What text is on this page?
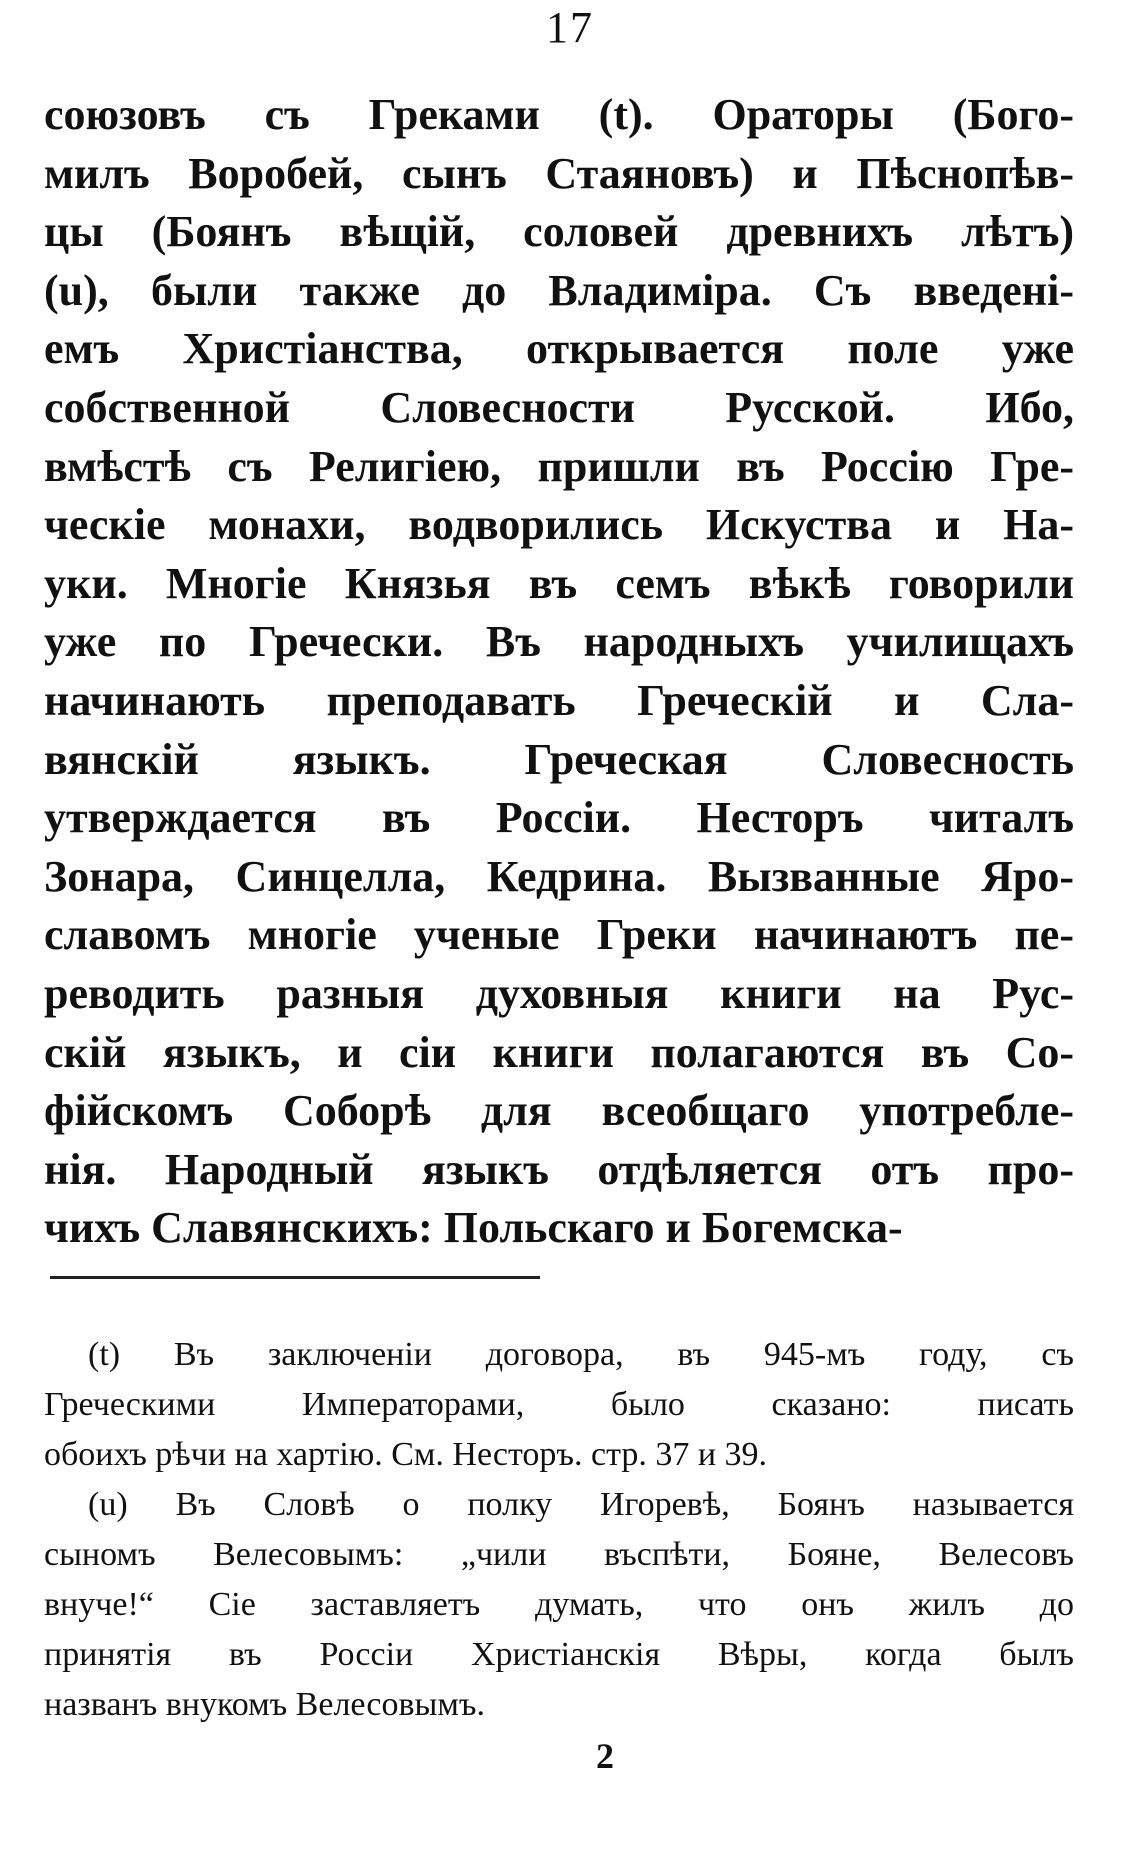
17
союзовъ съ Греками (t). Ораторы (Бого-
милъ Воробей, сынъ Стаяновъ) и Пѣснопѣв-
цы (Боянъ вѣщій, соловей древнихъ лѣтъ)
(u), были также до Владиміра. Съ введені-
емъ Христіанства, открывается поле уже
собственной Словесности Русской. Ибо,
вмѣстѣ съ Религіею, пришли въ Россію Гре-
ческіе монахи, водворились Искуства и На-
уки. Многіе Князья въ семъ вѣкѣ говорили
уже по Гречески. Въ народныхъ училищахъ
начинають преподавать Греческій и Сла-
вянскій языкъ. Греческая Словесность
утверждается въ Россіи. Несторъ читалъ
Зонара, Синцелла, Кедрина. Вызванные Яро-
славомъ многіе ученые Греки начинаютъ пе-
реводить разныя духовныя книги на Рус-
скій языкъ, и сіи книги полагаются въ Со-
фійскомъ Соборѣ для всеобщаго употребле-
нія. Народный языкъ отдѣляется отъ про-
чихъ Славянскихъ: Польскаго и Богемска-
(t) Въ заключеніи договора, въ 945-мъ году, съ
Греческими Императорами, было сказано: писать
обоихъ рѣчи на хартію. См. Несторъ. стр. 37 и 39.
(u) Въ Словѣ о полку Игоревѣ, Боянъ называется
сыномъ Велесовымъ: „чили въспѣти, Бояне, Велесовъ
внуче!“ Сіе заставляетъ думать, что онъ жилъ до
принятія въ Россіи Христіанскія Вѣры, когда былъ
названъ внукомъ Велесовымъ.
2
